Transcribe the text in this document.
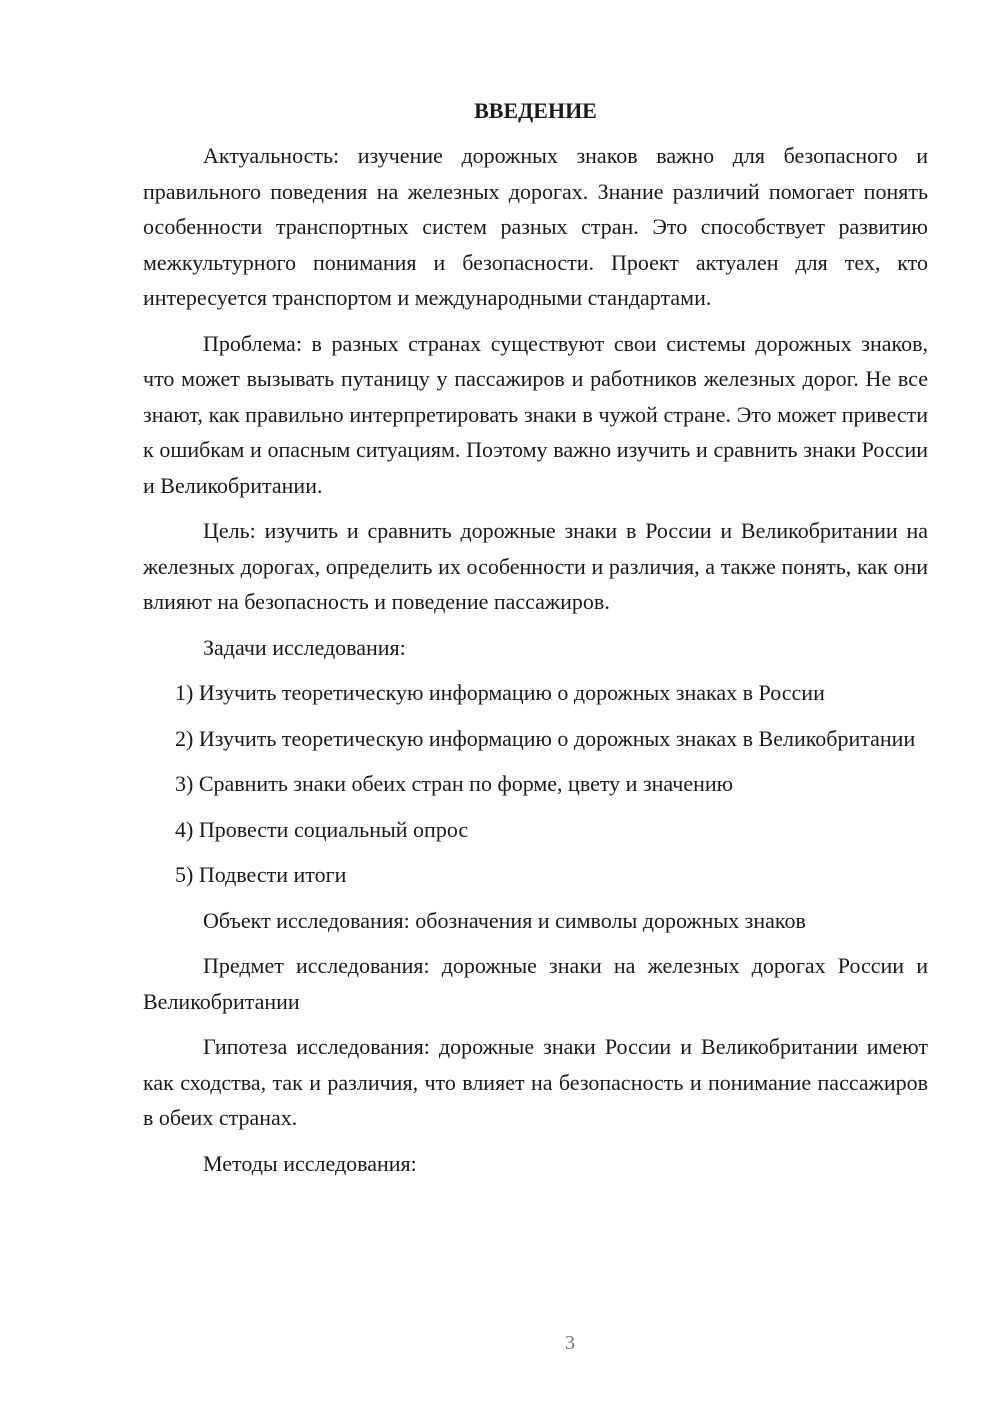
ВВЕДЕНИЕ

Актуальность: изучение дорожных знаков важно для безопасного и правильного поведения на железных дорогах. Знание различий помогает понять особенности транспортных систем разных стран. Это способствует развитию межкультурного понимания и безопасности. Проект актуален для тех, кто интересуется транспортом и международными стандартами.

Проблема: в разных странах существуют свои системы дорожных знаков, что может вызывать путаницу у пассажиров и работников железных дорог. Не все знают, как правильно интерпретировать знаки в чужой стране. Это может привести к ошибкам и опасным ситуациям. Поэтому важно изучить и сравнить знаки России и Великобритании.

Цель: изучить и сравнить дорожные знаки в России и Великобритании на железных дорогах, определить их особенности и различия, а также понять, как они влияют на безопасность и поведение пассажиров.

Задачи исследования:

1) Изучить теоретическую информацию о дорожных знаках в России

2) Изучить теоретическую информацию о дорожных знаках в Великобритании

3) Сравнить знаки обеих стран по форме, цвету и значению

4) Провести социальный опрос

5) Подвести итоги

Объект исследования: обозначения и символы дорожных знаков

Предмет исследования: дорожные знаки на железных дорогах России и Великобритании

Гипотеза исследования: дорожные знаки России и Великобритании имеют как сходства, так и различия, что влияет на безопасность и понимание пассажиров в обеих странах.

Методы исследования:

3
